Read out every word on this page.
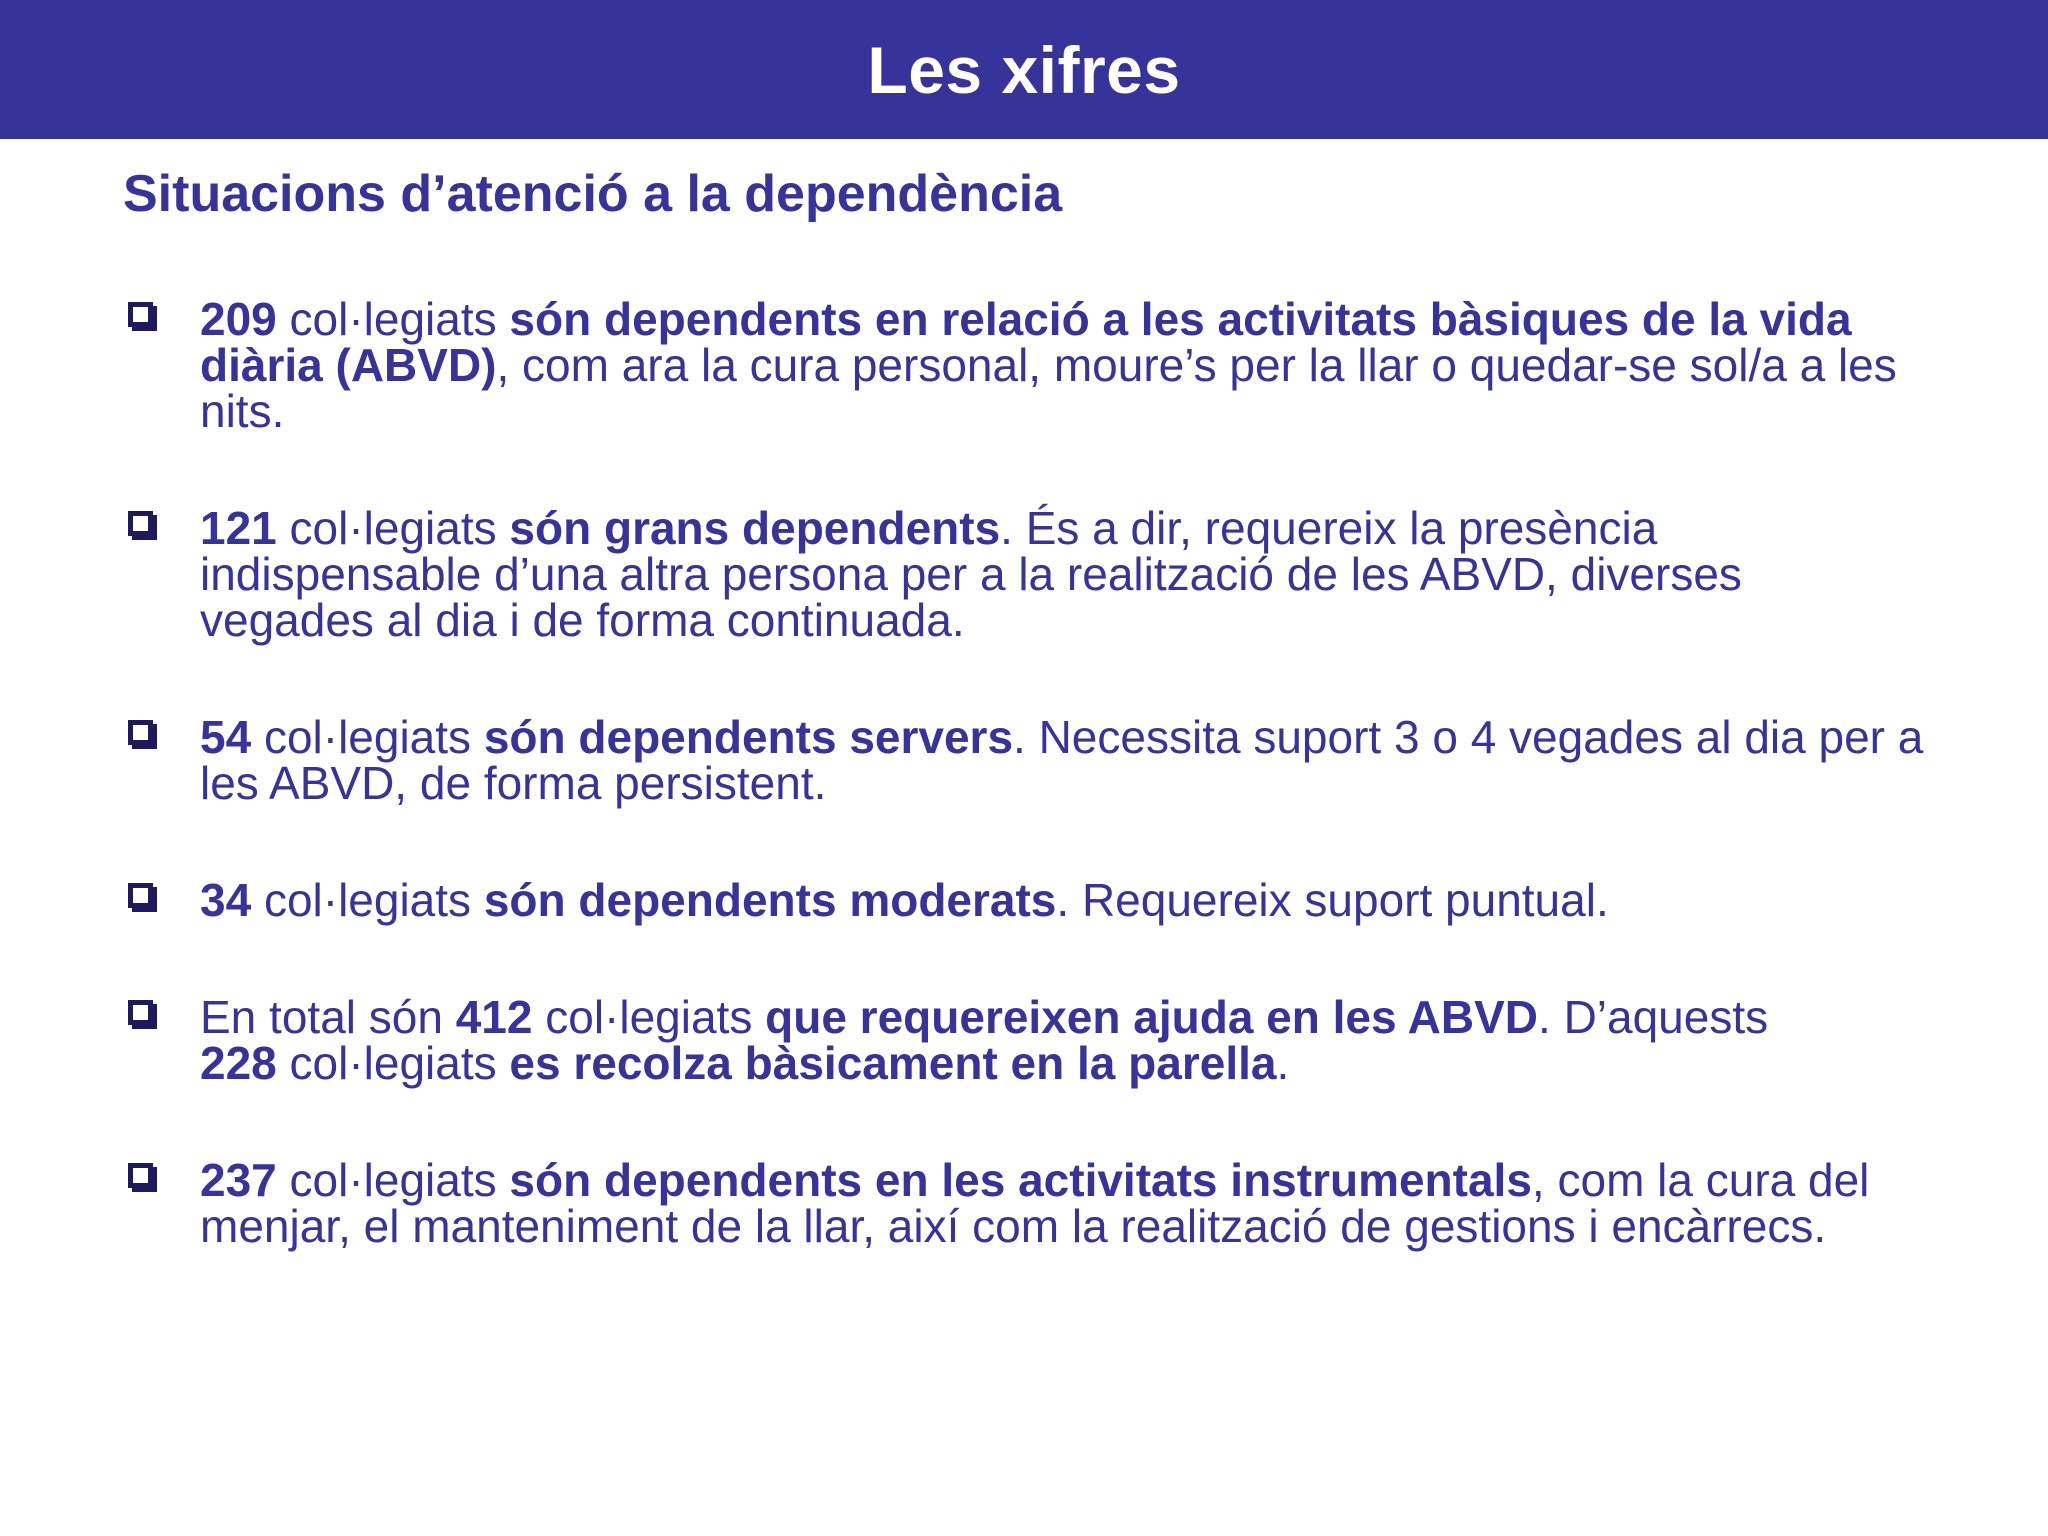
Les xifres
Situacions d’atenció a la dependència
209 col·legiats són dependents en relació a les activitats bàsiques de la vida diària (ABVD), com ara la cura personal, moure’s per la llar o quedar-se sol/a a les nits.
121 col·legiats són grans dependents. És a dir, requereix la presència indispensable d’una altra persona per a la realització de les ABVD, diverses vegades al dia i de forma continuada.
54 col·legiats són dependents servers. Necessita suport 3 o 4 vegades al dia per a les ABVD, de forma persistent.
34 col·legiats són dependents moderats. Requereix suport puntual.
En total són 412 col·legiats que requereixen ajuda en les ABVD. D’aquests 228 col·legiats es recolza bàsicament en la parella.
237 col·legiats són dependents en les activitats instrumentals, com la cura del menjar, el manteniment de la llar, així com la realització de gestions i encàrrecs.
